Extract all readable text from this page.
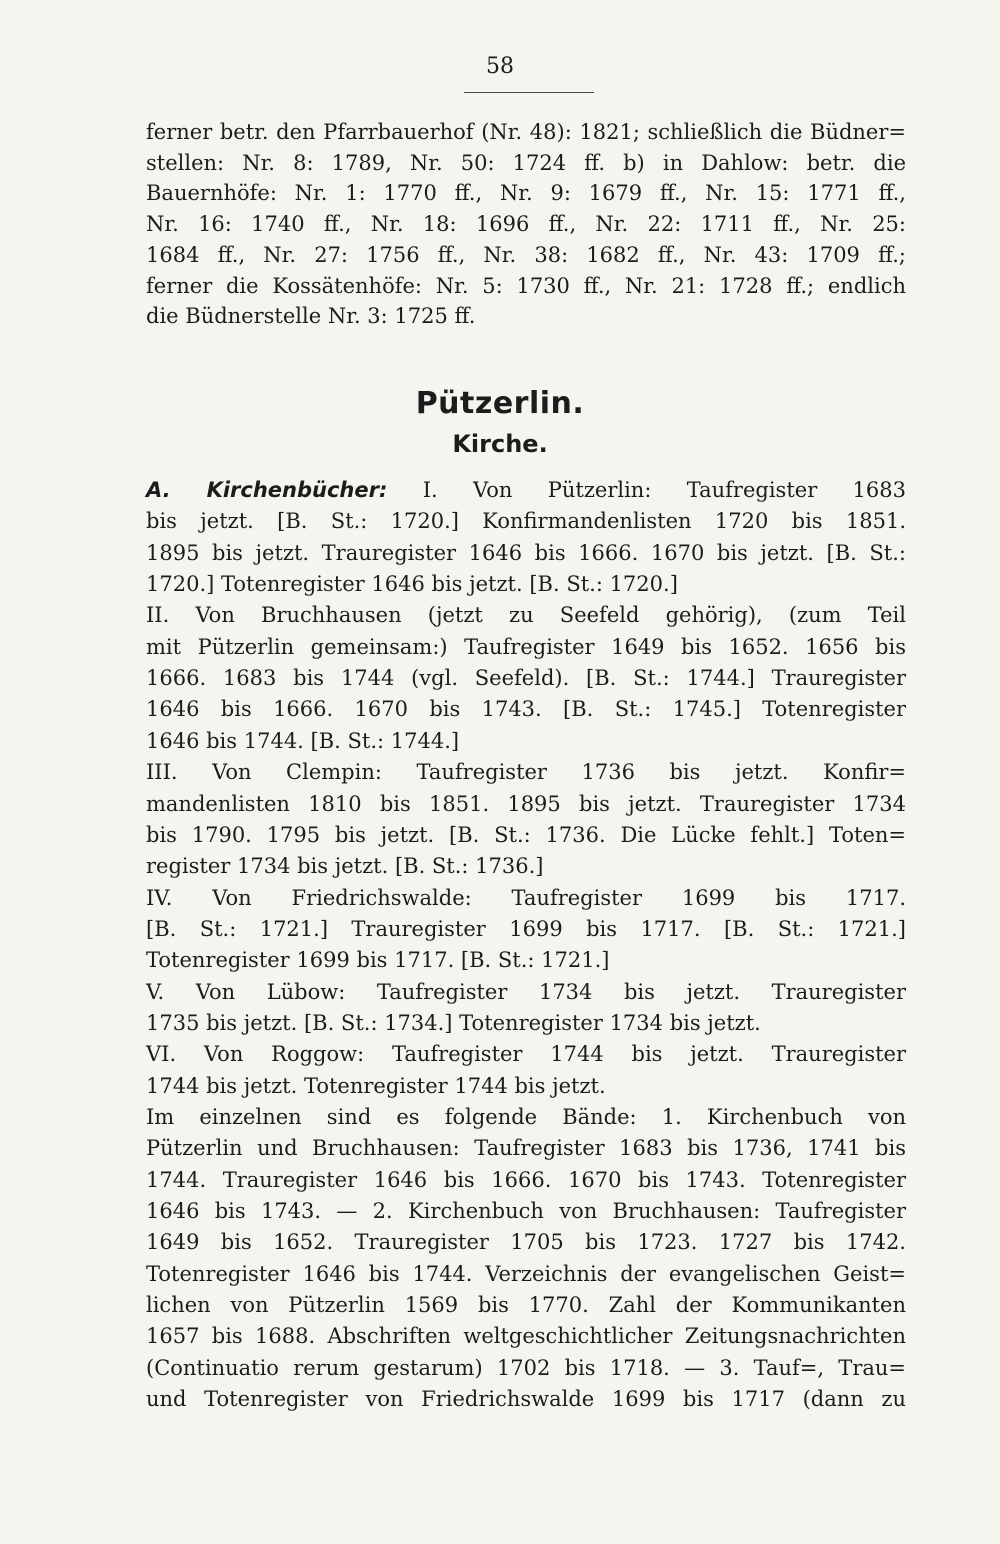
58
ferner betr. den Pfarrbauerhof (Nr. 48): 1821; schließlich die Büdner=
stellen: Nr. 8: 1789, Nr. 50: 1724 ff. b) in Dahlow: betr. die
Bauernhöfe: Nr. 1: 1770 ff., Nr. 9: 1679 ff., Nr. 15: 1771 ff.,
Nr. 16: 1740 ff., Nr. 18: 1696 ff., Nr. 22: 1711 ff., Nr. 25:
1684 ff., Nr. 27: 1756 ff., Nr. 38: 1682 ff., Nr. 43: 1709 ff.;
ferner die Kossätenhöfe: Nr. 5: 1730 ff., Nr. 21: 1728 ff.; endlich
die Büdnerstelle Nr. 3: 1725 ff.
Pützerlin.
Kirche.
A. Kirchenbücher: I. Von Pützerlin: Taufregister 1683
bis jetzt. [B. St.: 1720.] Konfirmandenlisten 1720 bis 1851.
1895 bis jetzt. Trauregister 1646 bis 1666. 1670 bis jetzt. [B. St.:
1720.] Totenregister 1646 bis jetzt. [B. St.: 1720.]
II. Von Bruchhausen (jetzt zu Seefeld gehörig), (zum Teil
mit Pützerlin gemeinsam:) Taufregister 1649 bis 1652. 1656 bis
1666. 1683 bis 1744 (vgl. Seefeld). [B. St.: 1744.] Trauregister
1646 bis 1666. 1670 bis 1743. [B. St.: 1745.] Totenregister
1646 bis 1744. [B. St.: 1744.]
III. Von Clempin: Taufregister 1736 bis jetzt. Konfir=
mandenlisten 1810 bis 1851. 1895 bis jetzt. Trauregister 1734
bis 1790. 1795 bis jetzt. [B. St.: 1736. Die Lücke fehlt.] Toten=
register 1734 bis jetzt. [B. St.: 1736.]
IV. Von Friedrichswalde: Taufregister 1699 bis 1717.
[B. St.: 1721.] Trauregister 1699 bis 1717. [B. St.: 1721.]
Totenregister 1699 bis 1717. [B. St.: 1721.]
V. Von Lübow: Taufregister 1734 bis jetzt. Trauregister
1735 bis jetzt. [B. St.: 1734.] Totenregister 1734 bis jetzt.
VI. Von Roggow: Taufregister 1744 bis jetzt. Trauregister
1744 bis jetzt. Totenregister 1744 bis jetzt.
Im einzelnen sind es folgende Bände: 1. Kirchenbuch von
Pützerlin und Bruchhausen: Taufregister 1683 bis 1736, 1741 bis
1744. Trauregister 1646 bis 1666. 1670 bis 1743. Totenregister
1646 bis 1743. — 2. Kirchenbuch von Bruchhausen: Taufregister
1649 bis 1652. Trauregister 1705 bis 1723. 1727 bis 1742.
Totenregister 1646 bis 1744. Verzeichnis der evangelischen Geist=
lichen von Pützerlin 1569 bis 1770. Zahl der Kommunikanten
1657 bis 1688. Abschriften weltgeschichtlicher Zeitungsnachrichten
(Continuatio rerum gestarum) 1702 bis 1718. — 3. Tauf=, Trau=
und Totenregister von Friedrichswalde 1699 bis 1717 (dann zu
